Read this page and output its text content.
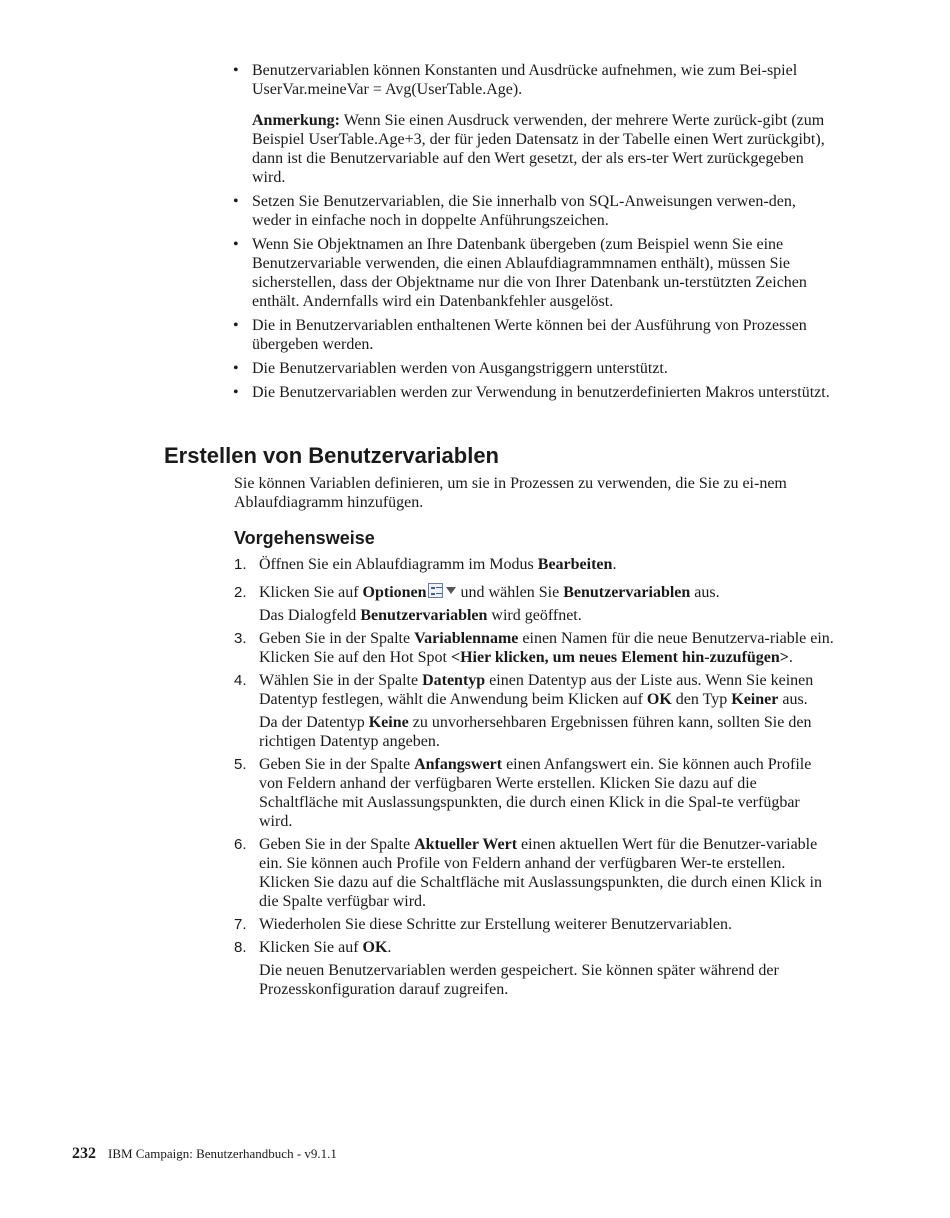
• Benutzervariablen können Konstanten und Ausdrücke aufnehmen, wie zum Bei-spiel UserVar.meineVar = Avg(UserTable.Age).
Anmerkung: Wenn Sie einen Ausdruck verwenden, der mehrere Werte zurück-gibt (zum Beispiel UserTable.Age+3, der für jeden Datensatz in der Tabelle einen Wert zurückgibt), dann ist die Benutzervariable auf den Wert gesetzt, der als ers-ter Wert zurückgegeben wird.
• Setzen Sie Benutzervariablen, die Sie innerhalb von SQL-Anweisungen verwen-den, weder in einfache noch in doppelte Anführungszeichen.
• Wenn Sie Objektnamen an Ihre Datenbank übergeben (zum Beispiel wenn Sie eine Benutzervariable verwenden, die einen Ablaufdiagrammnamen enthält), müssen Sie sicherstellen, dass der Objektname nur die von Ihrer Datenbank un-terstützten Zeichen enthält. Andernfalls wird ein Datenbankfehler ausgelöst.
• Die in Benutzervariablen enthaltenen Werte können bei der Ausführung von Prozessen übergeben werden.
• Die Benutzervariablen werden von Ausgangstriggern unterstützt.
• Die Benutzervariablen werden zur Verwendung in benutzerdefinierten Makros unterstützt.
Erstellen von Benutzervariablen
Sie können Variablen definieren, um sie in Prozessen zu verwenden, die Sie zu ei-nem Ablaufdiagramm hinzufügen.
Vorgehensweise
1. Öffnen Sie ein Ablaufdiagramm im Modus Bearbeiten.
2. Klicken Sie auf Optionen
und wählen Sie Benutzervariablen aus.
Das Dialogfeld Benutzervariablen wird geöffnet.
3. Geben Sie in der Spalte Variablenname einen Namen für die neue Benutzerva-riable ein. Klicken Sie auf den Hot Spot <Hier klicken, um neues Element hin-zuzufügen>.
4. Wählen Sie in der Spalte Datentyp einen Datentyp aus der Liste aus. Wenn Sie keinen Datentyp festlegen, wählt die Anwendung beim Klicken auf OK den Typ Keiner aus.
Da der Datentyp Keine zu unvorhersehbaren Ergebnissen führen kann, sollten Sie den richtigen Datentyp angeben.
5. Geben Sie in der Spalte Anfangswert einen Anfangswert ein. Sie können auch Profile von Feldern anhand der verfügbaren Werte erstellen. Klicken Sie dazu auf die Schaltfläche mit Auslassungspunkten, die durch einen Klick in die Spal-te verfügbar wird.
6. Geben Sie in der Spalte Aktueller Wert einen aktuellen Wert für die Benutzer-variable ein. Sie können auch Profile von Feldern anhand der verfügbaren Wer-te erstellen. Klicken Sie dazu auf die Schaltfläche mit Auslassungspunkten, die durch einen Klick in die Spalte verfügbar wird.
7. Wiederholen Sie diese Schritte zur Erstellung weiterer Benutzervariablen.
8. Klicken Sie auf OK.
Die neuen Benutzervariablen werden gespeichert. Sie können später während der Prozesskonfiguration darauf zugreifen.
232 IBM Campaign: Benutzerhandbuch - v9.1.1
